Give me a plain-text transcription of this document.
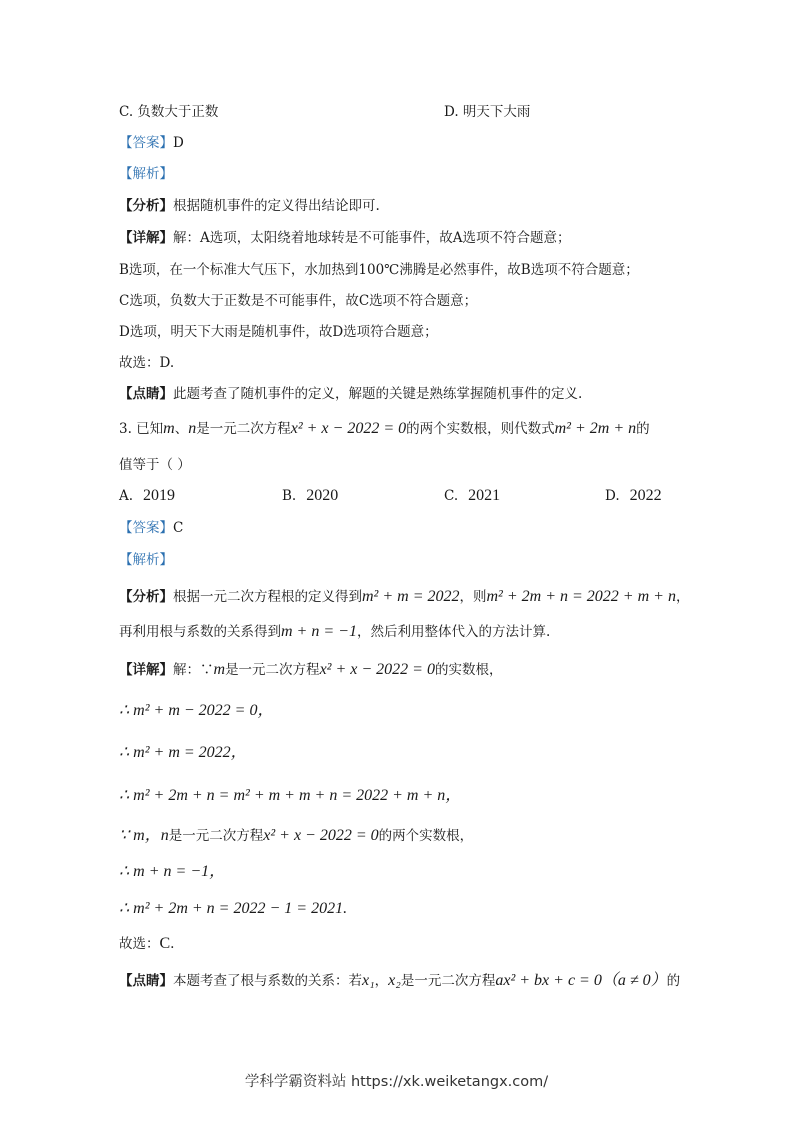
C. 负数大于正数	D. 明天下大雨
【答案】D
【解析】
【分析】根据随机事件的定义得出结论即可.
【详解】解：A选项，太阳绕着地球转是不可能事件，故A选项不符合题意；
B选项，在一个标准大气压下，水加热到100℃沸腾是必然事件，故B选项不符合题意；
C选项，负数大于正数是不可能事件，故C选项不符合题意；
D选项，明天下大雨是随机事件，故D选项符合题意；
故选：D.
【点睛】此题考查了随机事件的定义，解题的关键是熟练掌握随机事件的定义.
3. 已知m、n是一元二次方程x² + x − 2022 = 0的两个实数根，则代数式m² + 2m + n的
值等于（ ）
A. 2019	B. 2020	C. 2021	D. 2022
【答案】C
【解析】
【分析】根据一元二次方程根的定义得到m² + m = 2022，则m² + 2m + n = 2022 + m + n，
再利用根与系数的关系得到m + n = −1，然后利用整体代入的方法计算.
【详解】解：∵m是一元二次方程x² + x − 2022 = 0的实数根，
∴ m² + m − 2022 = 0，
∴ m² + m = 2022，
∴ m² + 2m + n = m² + m + m + n = 2022 + m + n，
∵ m，n是一元二次方程x² + x − 2022 = 0的两个实数根，
∴ m + n = −1，
∴ m² + 2m + n = 2022 − 1 = 2021.
故选：C.
【点睛】本题考查了根与系数的关系：若x₁，x₂是一元二次方程ax² + bx + c = 0（a ≠ 0）的
学科学霸资料站 https://xk.weiketangx.com/
